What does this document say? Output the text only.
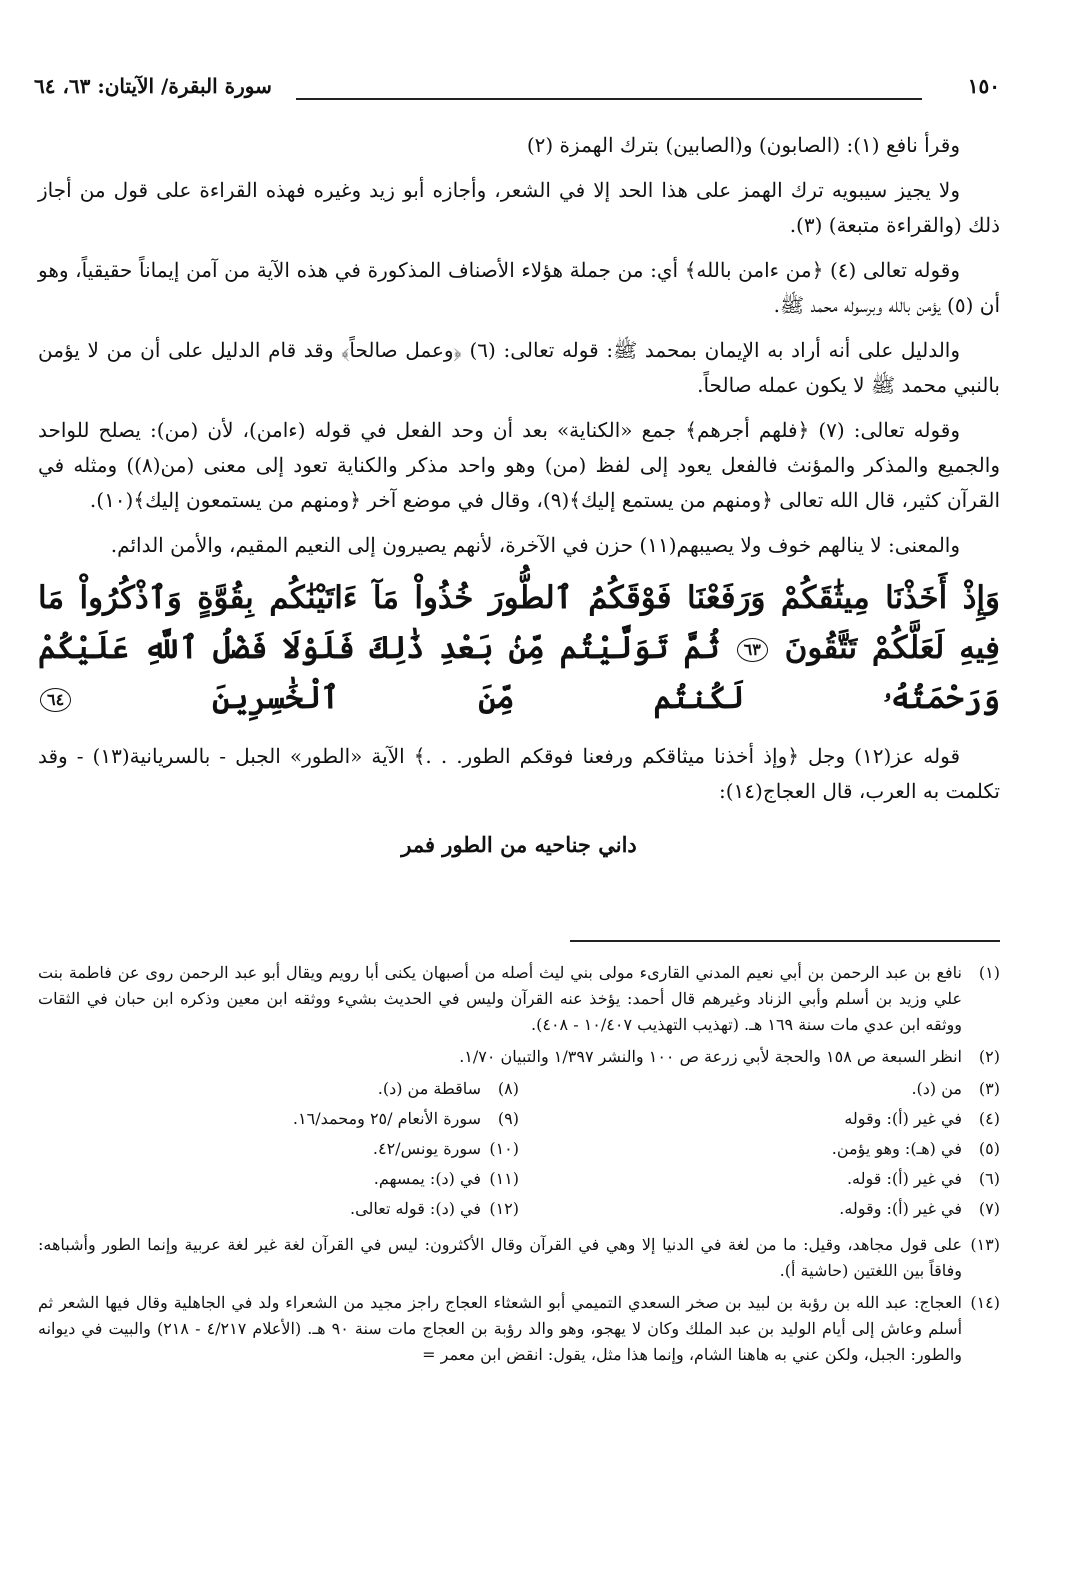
١٥٠
سورة البقرة/ الآيتان: ٦٣، ٦٤

وقرأ نافع (١): (الصابون) و(الصابين) بترك الهمزة (٢)

ولا يجيز سيبويه ترك الهمز على هذا الحد إلا في الشعر، وأجازه أبو زيد وغيره فهذه القراءة على قول من أجاز ذلك (والقراءة متبعة) (٣).

وقوله تعالى (٤) ﴿من ءامن بالله﴾ أي: من جملة هؤلاء الأصناف المذكورة في هذه الآية من آمن إيماناً حقيقياً، وهو أن (٥) يؤمن بالله وبرسوله محمد ﷺ.

والدليل على أنه أراد به الإيمان بمحمد ﷺ: قوله تعالى: (٦) ﴿وعمل صالحاً﴾ وقد قام الدليل على أن من لا يؤمن بالنبي محمد ﷺ لا يكون عمله صالحاً.

وقوله تعالى: (٧) ﴿فلهم أجرهم﴾ جمع «الكناية» بعد أن وحد الفعل في قوله (ءامن)، لأن (من): يصلح للواحد والجميع والمذكر والمؤنث فالفعل يعود إلى لفظ (من) وهو واحد مذكر والكناية تعود إلى معنى (من(٨)) ومثله في القرآن كثير، قال الله تعالى ﴿ومنهم من يستمع إليك﴾(٩)، وقال في موضع آخر ﴿ومنهم من يستمعون إليك﴾(١٠).

والمعنى: لا ينالهم خوف ولا يصيبهم(١١) حزن في الآخرة، لأنهم يصيرون إلى النعيم المقيم، والأمن الدائم.

وَإِذْ أَخَذْنَا مِيثَٰقَكُمْ وَرَفَعْنَا فَوْقَكُمُ ٱلطُّورَ خُذُواْ مَآ ءَاتَيْنَٰكُم بِقُوَّةٍ وَٱذْكُرُواْ مَا فِيهِ لَعَلَّكُمْ تَتَّقُونَ ٦٣ ثُمَّ تَوَلَّيْتُم مِّنۢ بَعْدِ ذَٰلِكَ فَلَوْلَا فَضْلُ ٱللَّهِ عَلَيْكُمْ وَرَحْمَتُهُۥ لَكُنتُم مِّنَ ٱلْخَٰسِرِينَ ٦٤

قوله عز(١٢) وجل ﴿وإذ أخذنا ميثاقكم ورفعنا فوقكم الطور. . .﴾ الآية «الطور» الجبل - بالسريانية(١٣) - وقد تكلمت به العرب، قال العجاج(١٤):

داني جناحيه من الطور فمر
(١)نافع بن عبد الرحمن بن أبي نعيم المدني القارىء مولى بني ليث أصله من أصبهان يكنى أبا رويم ويقال أبو عبد الرحمن روى عن فاطمة بنت علي وزيد بن أسلم وأبي الزناد وغيرهم قال أحمد: يؤخذ عنه القرآن وليس في الحديث بشيء ووثقه ابن معين وذكره ابن حبان في الثقات ووثقه ابن عدي مات سنة ١٦٩ هـ. (تهذيب التهذيب ١٠/٤٠٧ - ٤٠٨).
(٢)انظر السبعة ص ١٥٨ والحجة لأبي زرعة ص ١٠٠ والنشر ١/٣٩٧ والتبيان ١/٧٠.
(٣)من (د).
(٤)في غير (أ): وقوله
(٥)في (هـ): وهو يؤمن.
(٦)في غير (أ): قوله.
(٧)في غير (أ): وقوله.
(٨)ساقطة من (د).
(٩)سورة الأنعام /٢٥ ومحمد/١٦.
(١٠)سورة يونس/٤٢.
(١١)في (د): يمسهم.
(١٢)في (د): قوله تعالى.
(١٣)على قول مجاهد، وقيل: ما من لغة في الدنيا إلا وهي في القرآن وقال الأكثرون: ليس في القرآن لغة غير لغة عربية وإنما الطور وأشباهه: وفاقاً بين اللغتين (حاشية أ).
(١٤)العجاج: عبد الله بن رؤبة بن لبيد بن صخر السعدي التميمي أبو الشعثاء العجاج راجز مجيد من الشعراء ولد في الجاهلية وقال فيها الشعر ثم أسلم وعاش إلى أيام الوليد بن عبد الملك وكان لا يهجو، وهو والد رؤبة بن العجاج مات سنة ٩٠ هـ. (الأعلام ٤/٢١٧ - ٢١٨) والبيت في ديوانه والطور: الجبل، ولكن عني به هاهنا الشام، وإنما هذا مثل، يقول: انقض ابن معمر =
